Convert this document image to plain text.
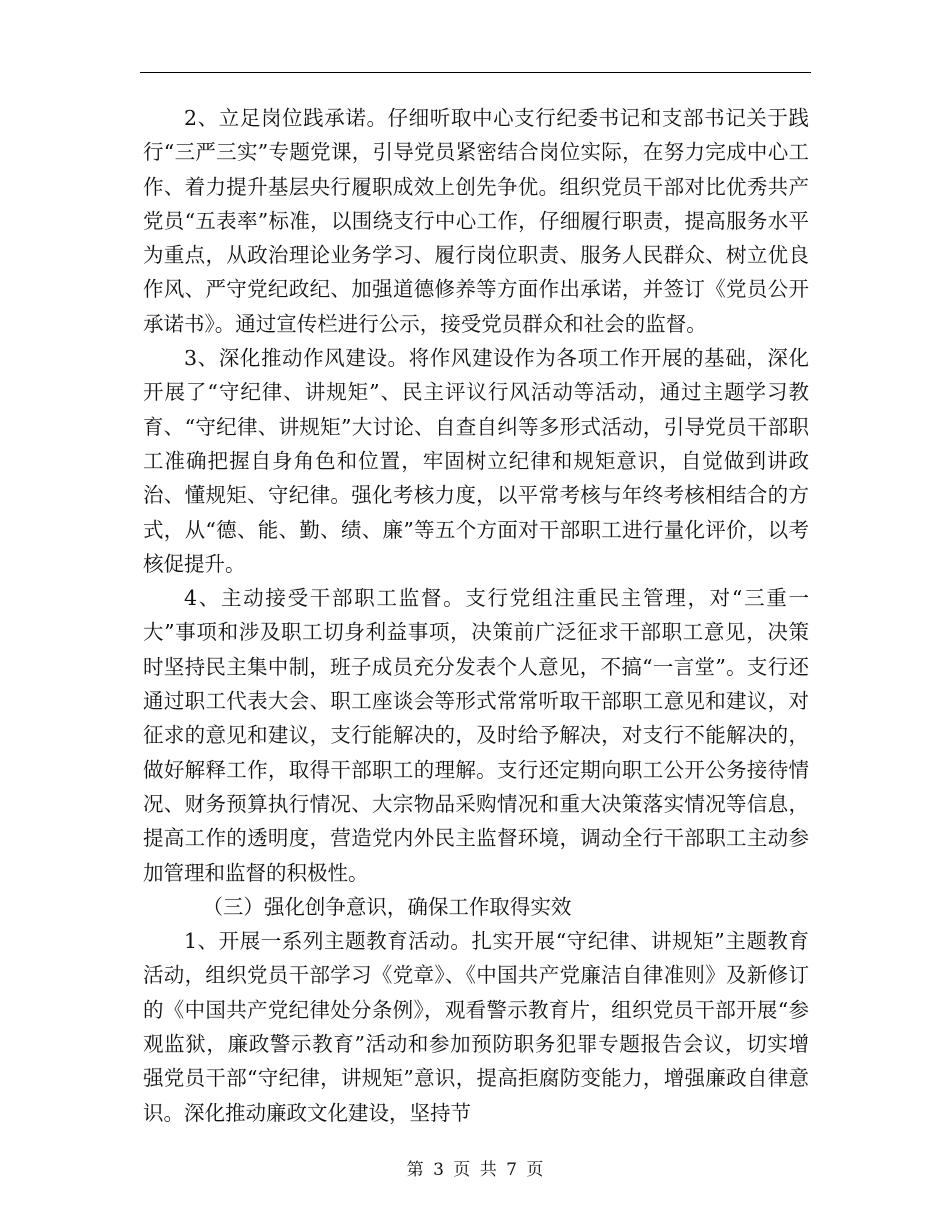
2、立足岗位践承诺。仔细听取中心支行纪委书记和支部书记关于践行“三严三实”专题党课，引导党员紧密结合岗位实际，在努力完成中心工作、着力提升基层央行履职成效上创先争优。组织党员干部对比优秀共产党员“五表率”标准，以围绕支行中心工作，仔细履行职责，提高服务水平为重点，从政治理论业务学习、履行岗位职责、服务人民群众、树立优良作风、严守党纪政纪、加强道德修养等方面作出承诺，并签订《党员公开承诺书》。通过宣传栏进行公示，接受党员群众和社会的监督。

3、深化推动作风建设。将作风建设作为各项工作开展的基础，深化开展了“守纪律、讲规矩”、民主评议行风活动等活动，通过主题学习教育、“守纪律、讲规矩”大讨论、自查自纠等多形式活动，引导党员干部职工准确把握自身角色和位置，牢固树立纪律和规矩意识，自觉做到讲政治、懂规矩、守纪律。强化考核力度，以平常考核与年终考核相结合的方式，从“德、能、勤、绩、廉”等五个方面对干部职工进行量化评价，以考核促提升。

4、主动接受干部职工监督。支行党组注重民主管理，对“三重一大”事项和涉及职工切身利益事项，决策前广泛征求干部职工意见，决策时坚持民主集中制，班子成员充分发表个人意见，不搞“一言堂”。支行还通过职工代表大会、职工座谈会等形式常常听取干部职工意见和建议，对征求的意见和建议，支行能解决的，及时给予解决，对支行不能解决的，做好解释工作，取得干部职工的理解。支行还定期向职工公开公务接待情况、财务预算执行情况、大宗物品采购情况和重大决策落实情况等信息，提高工作的透明度，营造党内外民主监督环境，调动全行干部职工主动参加管理和监督的积极性。

（三）强化创争意识，确保工作取得实效

1、开展一系列主题教育活动。扎实开展“守纪律、讲规矩”主题教育活动，组织党员干部学习《党章》、《中国共产党廉洁自律准则》及新修订的《中国共产党纪律处分条例》，观看警示教育片，组织党员干部开展“参观监狱，廉政警示教育”活动和参加预防职务犯罪专题报告会议，切实增强党员干部“守纪律，讲规矩”意识，提高拒腐防变能力，增强廉政自律意识。深化推动廉政文化建设，坚持节

第 3 页 共 7 页
